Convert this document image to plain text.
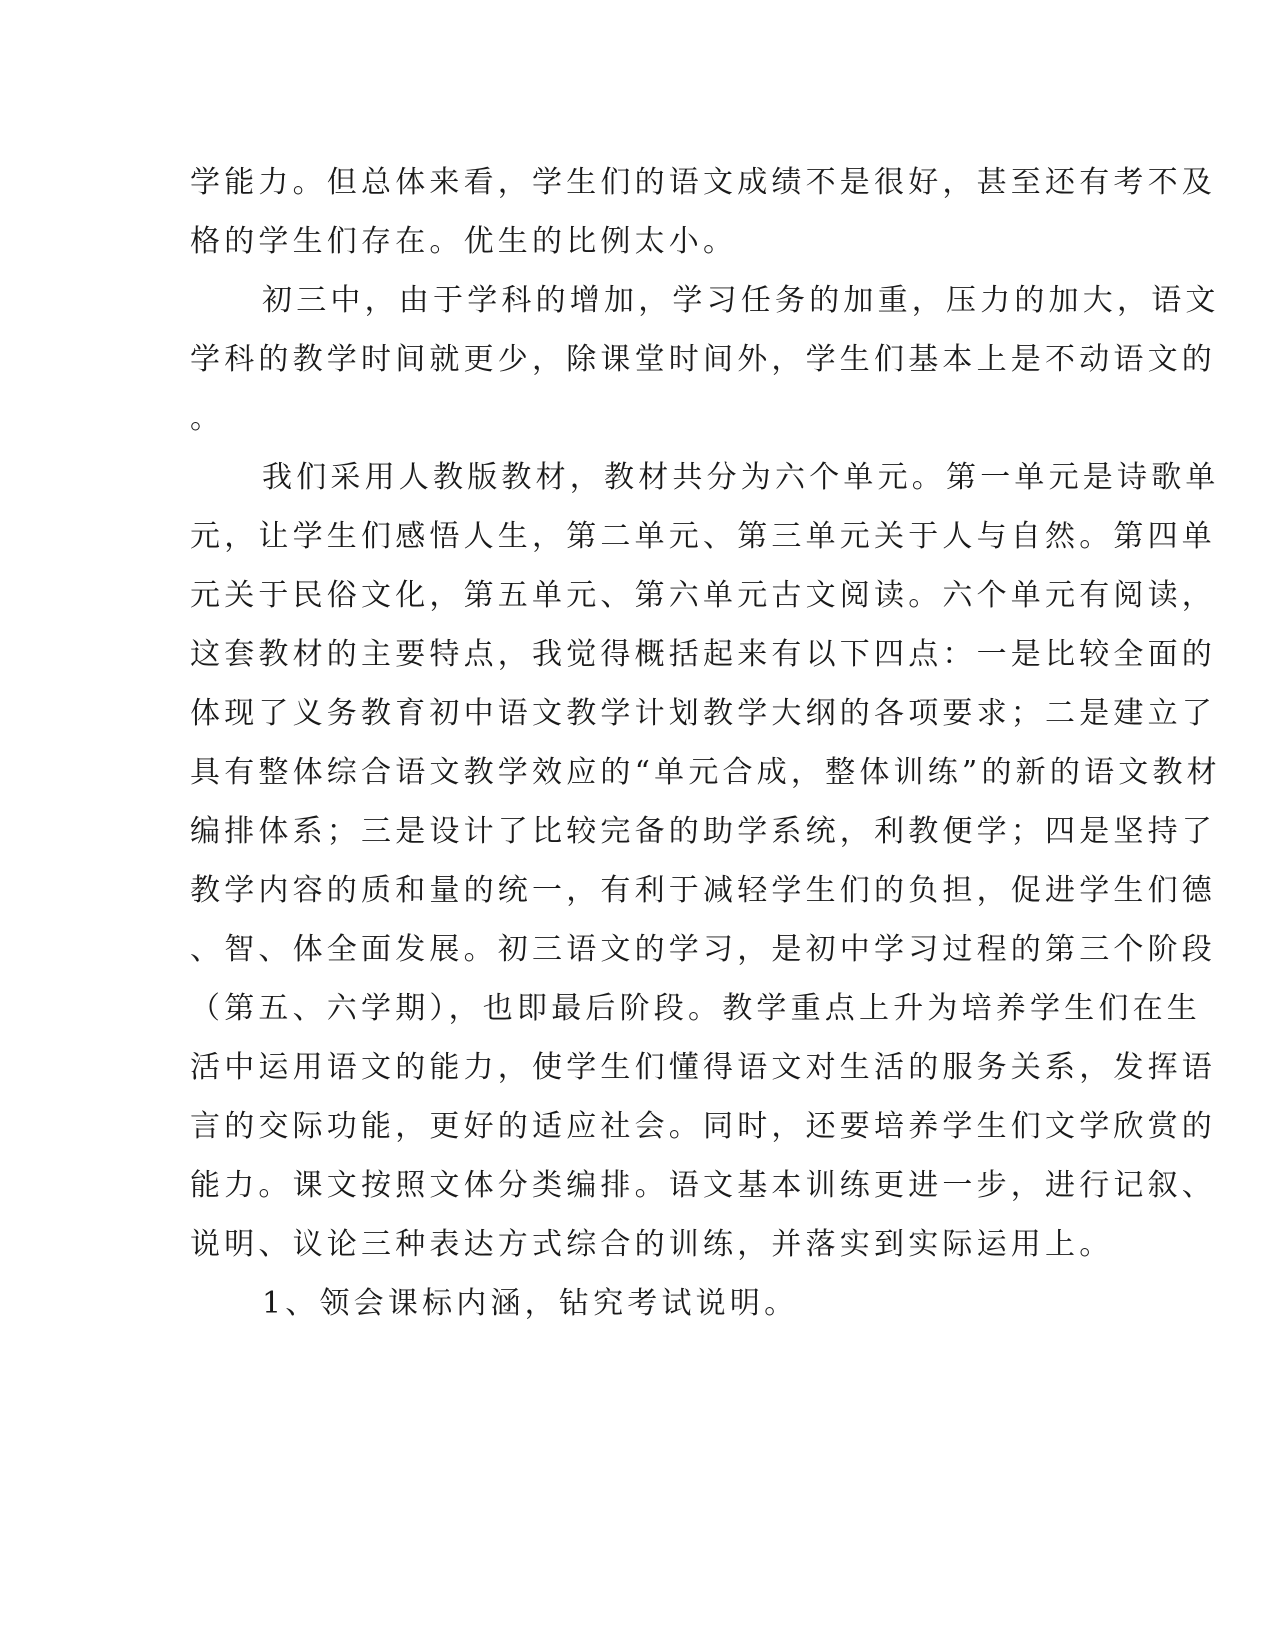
学能力。但总体来看，学生们的语文成绩不是很好，甚至还有考不及

格的学生们存在。优生的比例太小。

初三中，由于学科的增加，学习任务的加重，压力的加大，语文

学科的教学时间就更少，除课堂时间外，学生们基本上是不动语文的

。

我们采用人教版教材，教材共分为六个单元。第一单元是诗歌单

元，让学生们感悟人生，第二单元、第三单元关于人与自然。第四单

元关于民俗文化，第五单元、第六单元古文阅读。六个单元有阅读，

这套教材的主要特点，我觉得概括起来有以下四点：一是比较全面的

体现了义务教育初中语文教学计划教学大纲的各项要求；二是建立了

具有整体综合语文教学效应的“单元合成，整体训练”的新的语文教材

编排体系；三是设计了比较完备的助学系统，利教便学；四是坚持了

教学内容的质和量的统一，有利于减轻学生们的负担，促进学生们德

、智、体全面发展。初三语文的学习，是初中学习过程的第三个阶段

（第五、六学期），也即最后阶段。教学重点上升为培养学生们在生

活中运用语文的能力，使学生们懂得语文对生活的服务关系，发挥语

言的交际功能，更好的适应社会。同时，还要培养学生们文学欣赏的

能力。课文按照文体分类编排。语文基本训练更进一步，进行记叙、

说明、议论三种表达方式综合的训练，并落实到实际运用上。

1、领会课标内涵，钻究考试说明。
